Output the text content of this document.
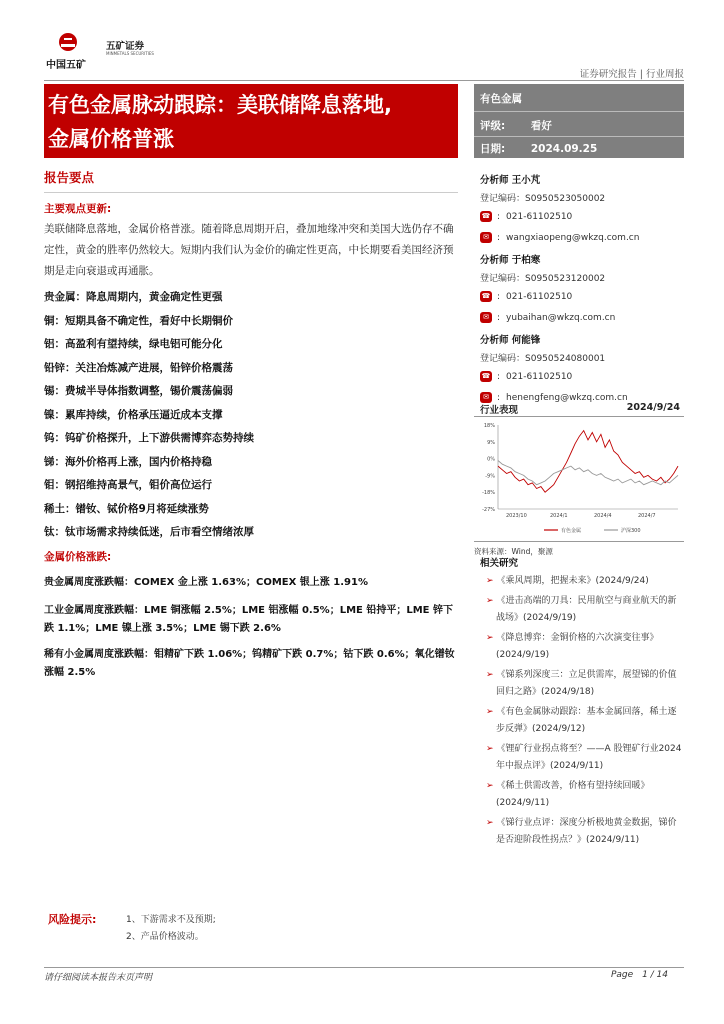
中国五矿
五矿证券
MINMETALS SECURITIES
证券研究报告 | 行业周报
有色金属脉动跟踪：美联储降息落地,
金属价格普涨
有色金属
评级: 看好
日期: 2024.09.25
报告要点
主要观点更新:
美联储降息落地，金属价格普涨。随着降息周期开启，叠加地缘冲突和美国大选仍存不确定性，黄金的胜率仍然较大。短期内我们认为金价的确定性更高，中长期要看美国经济预期是走向衰退或再通胀。
贵金属：降息周期内，黄金确定性更强
铜：短期具备不确定性，看好中长期铜价
铝：高盈利有望持续，绿电铝可能分化
铅锌：关注冶炼减产进展，铅锌价格震荡
锡：费城半导体指数调整，锡价震荡偏弱
镍：累库持续，价格承压逼近成本支撑
钨：钨矿价格探升，上下游供需博弈态势持续
锑：海外价格再上涨，国内价格持稳
钼：钢招维持高景气，钼价高位运行
稀土：镨钕、铽价格9月将延续涨势
钛：钛市场需求持续低迷，后市看空情绪浓厚
金属价格涨跌:
贵金属周度涨跌幅：COMEX 金上涨 1.63%；COMEX 银上涨 1.91%
工业金属周度涨跌幅：LME 铜涨幅 2.5%；LME 铝涨幅 0.5%；LME 铅持平；LME 锌下跌 1.1%；LME 镍上涨 3.5%；LME 锡下跌 2.6%
稀有小金属周度涨跌幅：钼精矿下跌 1.06%；钨精矿下跌 0.7%；钴下跌 0.6%；氧化镨钕涨幅 2.5%
风险提示:	1、下游需求不及预期;
2、产品价格波动。
分析师 王小芃
登记编码：S0950523050002
☎ : 021-61102510
✉ : wangxiaopeng@wkzq.com.cn
分析师 于柏寒
登记编码：S0950523120002
☎ : 021-61102510
✉ : yubaihan@wkzq.com.cn
分析师 何能锋
登记编码：S0950524080001
☎ : 021-61102510
✉ : henengfeng@wkzq.com.cn
行业表现	2024/9/24
18%
9%
0%
-9%
-18%
-27%
2023/10	2024/1	2024/4	2024/7
有色金属	沪深300
资料来源：Wind，聚源
相关研究
➢ 《乘风周期，把握未来》(2024/9/24)
➢ 《进击高端的刀具：民用航空与商业航天的新战场》(2024/9/19)
➢ 《降息博弈：金铜价格的六次演变往事》(2024/9/19)
➢ 《锑系列深度三：立足供需库，展望锑的价值回归之路》(2024/9/18)
➢ 《有色金属脉动跟踪：基本金属回落，稀土逐步反弹》(2024/9/12)
➢ 《锂矿行业拐点将至？——A 股锂矿行业2024 年中报点评》(2024/9/11)
➢ 《稀土供需改善，价格有望持续回暖》(2024/9/11)
➢ 《锑行业点评：深度分析极地黄金数据，锑价是否迎阶段性拐点？》(2024/9/11)
请仔细阅读本报告末页声明	Page 1 / 14
